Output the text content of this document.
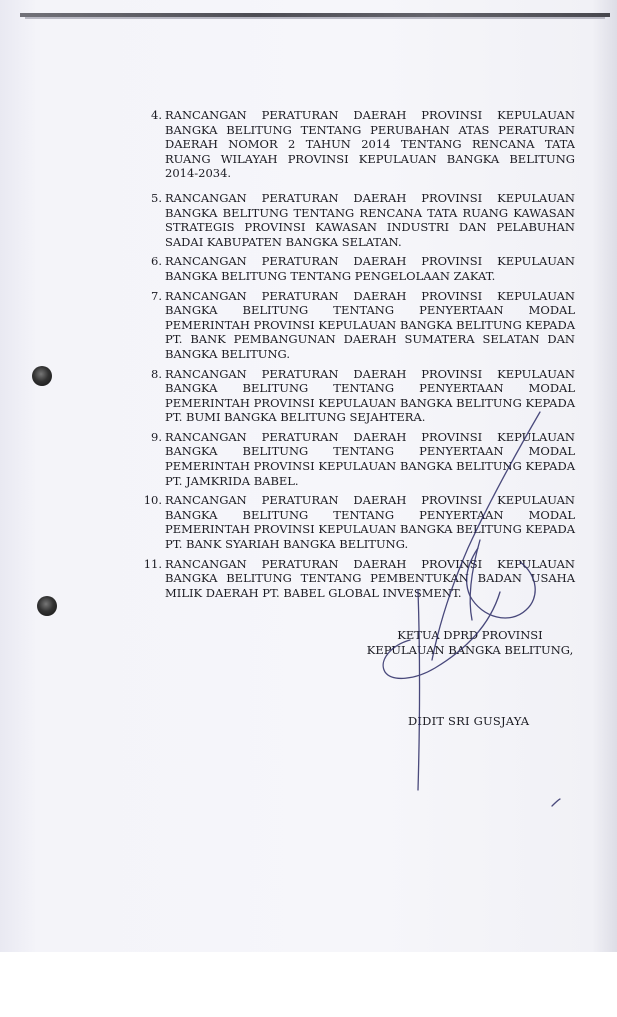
4. RANCANGAN PERATURAN DAERAH PROVINSI KEPULAUAN BANGKA BELITUNG TENTANG PERUBAHAN ATAS PERATURAN DAERAH NOMOR 2 TAHUN 2014 TENTANG RENCANA TATA RUANG WILAYAH PROVINSI KEPULAUAN BANGKA BELITUNG 2014-2034.
5. RANCANGAN PERATURAN DAERAH PROVINSI KEPULAUAN BANGKA BELITUNG TENTANG RENCANA TATA RUANG KAWASAN STRATEGIS PROVINSI KAWASAN INDUSTRI DAN PELABUHAN SADAI KABUPATEN BANGKA SELATAN.
6. RANCANGAN PERATURAN DAERAH PROVINSI KEPULAUAN BANGKA BELITUNG TENTANG PENGELOLAAN ZAKAT.
7. RANCANGAN PERATURAN DAERAH PROVINSI KEPULAUAN BANGKA BELITUNG TENTANG PENYERTAAN MODAL PEMERINTAH PROVINSI KEPULAUAN BANGKA BELITUNG KEPADA PT. BANK PEMBANGUNAN DAERAH SUMATERA SELATAN DAN BANGKA BELITUNG.
8. RANCANGAN PERATURAN DAERAH PROVINSI KEPULAUAN BANGKA BELITUNG TENTANG PENYERTAAN MODAL PEMERINTAH PROVINSI KEPULAUAN BANGKA BELITUNG KEPADA PT. BUMI BANGKA BELITUNG SEJAHTERA.
9. RANCANGAN PERATURAN DAERAH PROVINSI KEPULAUAN BANGKA BELITUNG TENTANG PENYERTAAN MODAL PEMERINTAH PROVINSI KEPULAUAN BANGKA BELITUNG KEPADA PT. JAMKRIDA BABEL.
10. RANCANGAN PERATURAN DAERAH PROVINSI KEPULAUAN BANGKA BELITUNG TENTANG PENYERTAAN MODAL PEMERINTAH PROVINSI KEPULAUAN BANGKA BELITUNG KEPADA PT. BANK SYARIAH BANGKA BELITUNG.
11. RANCANGAN PERATURAN DAERAH PROVINSI KEPULAUAN BANGKA BELITUNG TENTANG PEMBENTUKAN BADAN USAHA MILIK DAERAH PT. BABEL GLOBAL INVESMENT.
KETUA DPRD PROVINSI
KEPULAUAN BANGKA BELITUNG,
DIDIT SRI GUSJAYA
